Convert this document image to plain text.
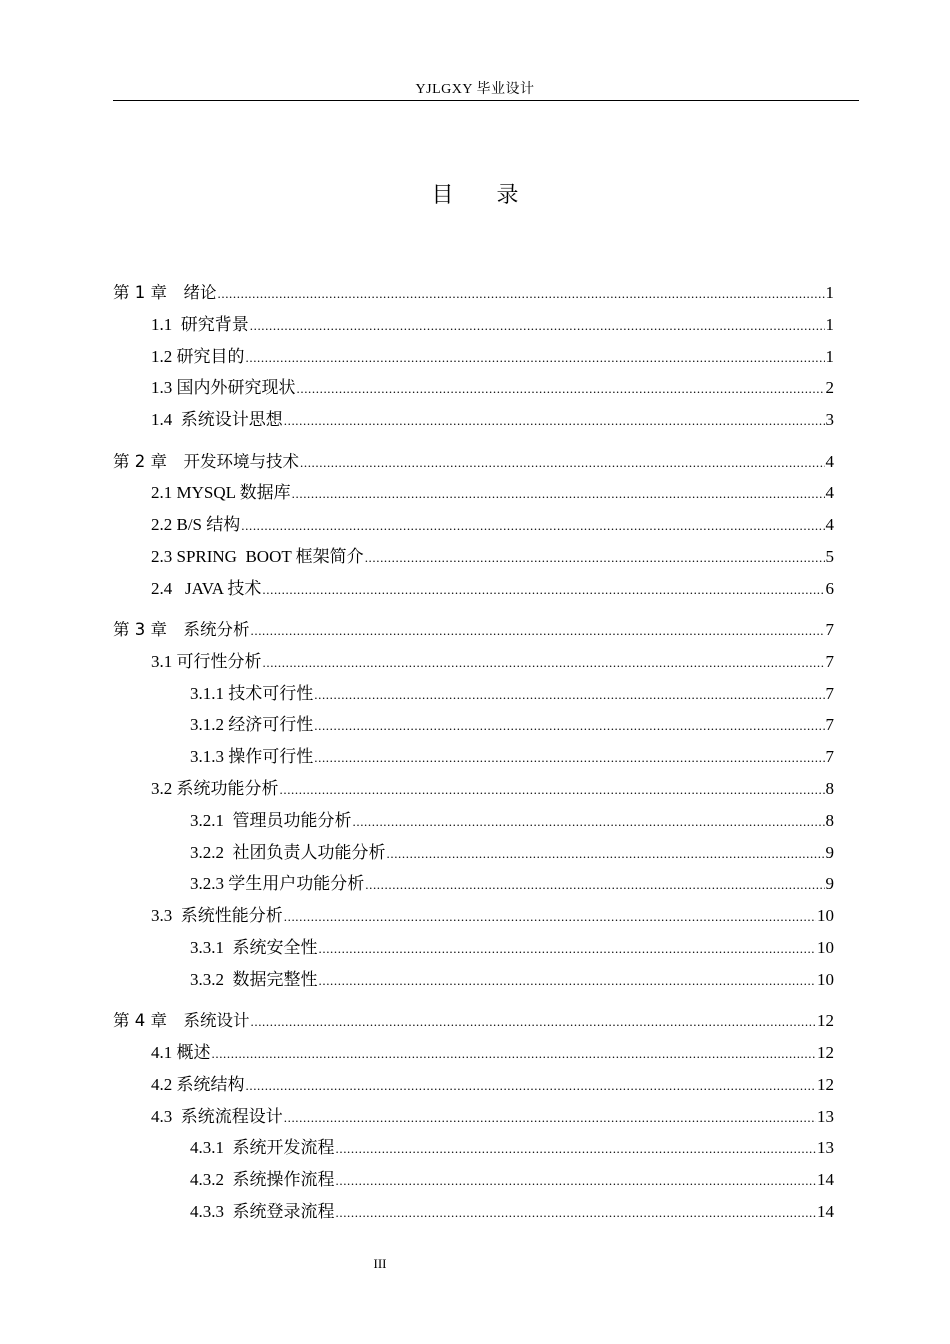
YJLGXY 毕业设计
目 录
第 1 章　绪论 .....	1
1.1  研究背景 .....	1
1.2 研究目的 .....	1
1.3 国内外研究现状 .....	2
1.4  系统设计思想 .....	3
第 2 章　开发环境与技术 .....	4
2.1 MYSQL 数据库 .....	4
2.2 B/S 结构 .....	4
2.3 SPRING  BOOT 框架简介 .....	5
2.4   JAVA 技术 .....	6
第 3 章　系统分析 .....	7
3.1 可行性分析 .....	7
3.1.1 技术可行性 .....	7
3.1.2 经济可行性 .....	7
3.1.3 操作可行性 .....	7
3.2 系统功能分析 .....	8
3.2.1  管理员功能分析 .....	8
3.2.2  社团负责人功能分析 .....	9
3.2.3 学生用户功能分析 .....	9
3.3  系统性能分析 .....	10
3.3.1  系统安全性 .....	10
3.3.2  数据完整性 .....	10
第 4 章　系统设计 .....	12
4.1 概述 .....	12
4.2 系统结构 .....	12
4.3  系统流程设计 .....	13
4.3.1  系统开发流程 .....	13
4.3.2  系统操作流程 .....	14
4.3.3  系统登录流程 .....	14
III
